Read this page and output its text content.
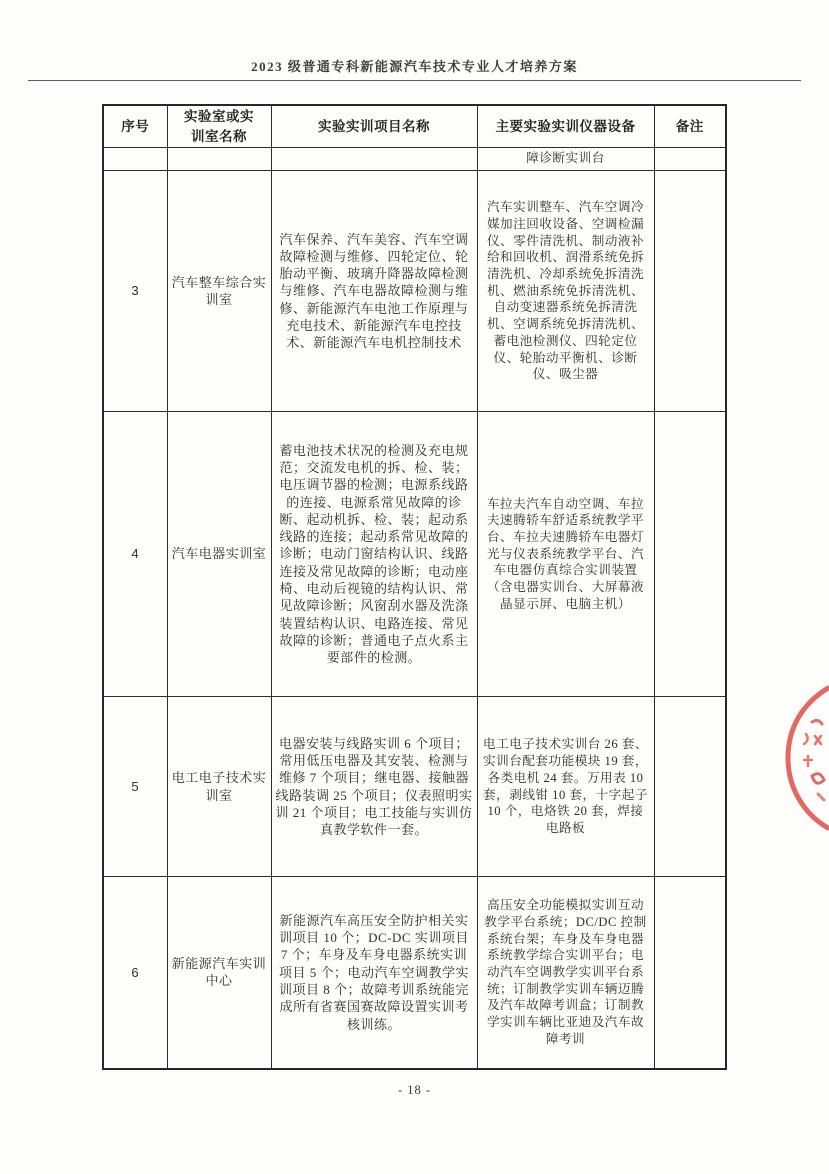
2023 级普通专科新能源汽车技术专业人才培养方案
序号	实验室或实训室名称	实验实训项目名称	主要实验实训仪器设备	备注
			障诊断实训台	
3	汽车整车综合实训室	汽车保养、汽车美容、汽车空调故障检测与维修、四轮定位、轮胎动平衡、玻璃升降器故障检测与维修、汽车电器故障检测与维修、新能源汽车电池工作原理与充电技术、新能源汽车电控技术、新能源汽车电机控制技术	汽车实训整车、汽车空调冷媒加注回收设备、空调检漏仪、零件清洗机、制动液补给和回收机、润滑系统免拆清洗机、冷却系统免拆清洗机、燃油系统免拆清洗机、自动变速器系统免拆清洗机、空调系统免拆清洗机、蓄电池检测仪、四轮定位仪、轮胎动平衡机、诊断仪、吸尘器	
4	汽车电器实训室	蓄电池技术状况的检测及充电规范；交流发电机的拆、检、装；电压调节器的检测；电源系线路的连接、电源系常见故障的诊断、起动机拆、检、装；起动系线路的连接；起动系常见故障的诊断；电动门窗结构认识、线路连接及常见故障的诊断；电动座椅、电动后视镜的结构认识、常见故障诊断；风窗刮水器及洗涤装置结构认识、电路连接、常见故障的诊断；普通电子点火系主要部件的检测。	车拉夫汽车自动空调、车拉夫速腾轿车舒适系统教学平台、车拉夫速腾轿车电器灯光与仪表系统教学平台、汽车电器仿真综合实训装置（含电器实训台、大屏幕液晶显示屏、电脑主机）	
5	电工电子技术实训室	电器安装与线路实训 6 个项目；常用低压电器及其安装、检测与维修 7 个项目；继电器、接触器线路装调 25 个项目；仪表照明实训 21 个项目；电工技能与实训仿真教学软件一套。	电工电子技术实训台 26 套、实训台配套功能模块 19 套，各类电机 24 套。万用表 10 套，剥线钳 10 套，十字起子 10 个，电烙铁 20 套，焊接电路板	
6	新能源汽车实训中心	新能源汽车高压安全防护相关实训项目 10 个；DC-DC 实训项目 7 个；车身及车身电器系统实训项目 5 个；电动汽车空调教学实训项目 8 个；故障考训系统能完成所有省赛国赛故障设置实训考核训练。	高压安全功能模拟实训互动教学平台系统；DC/DC 控制系统台架；车身及车身电器系统教学综合实训平台；电动汽车空调教学实训平台系统；订制教学实训车辆迈腾及汽车故障考训盒；订制教学实训车辆比亚迪及汽车故障考训	
- 18 -
